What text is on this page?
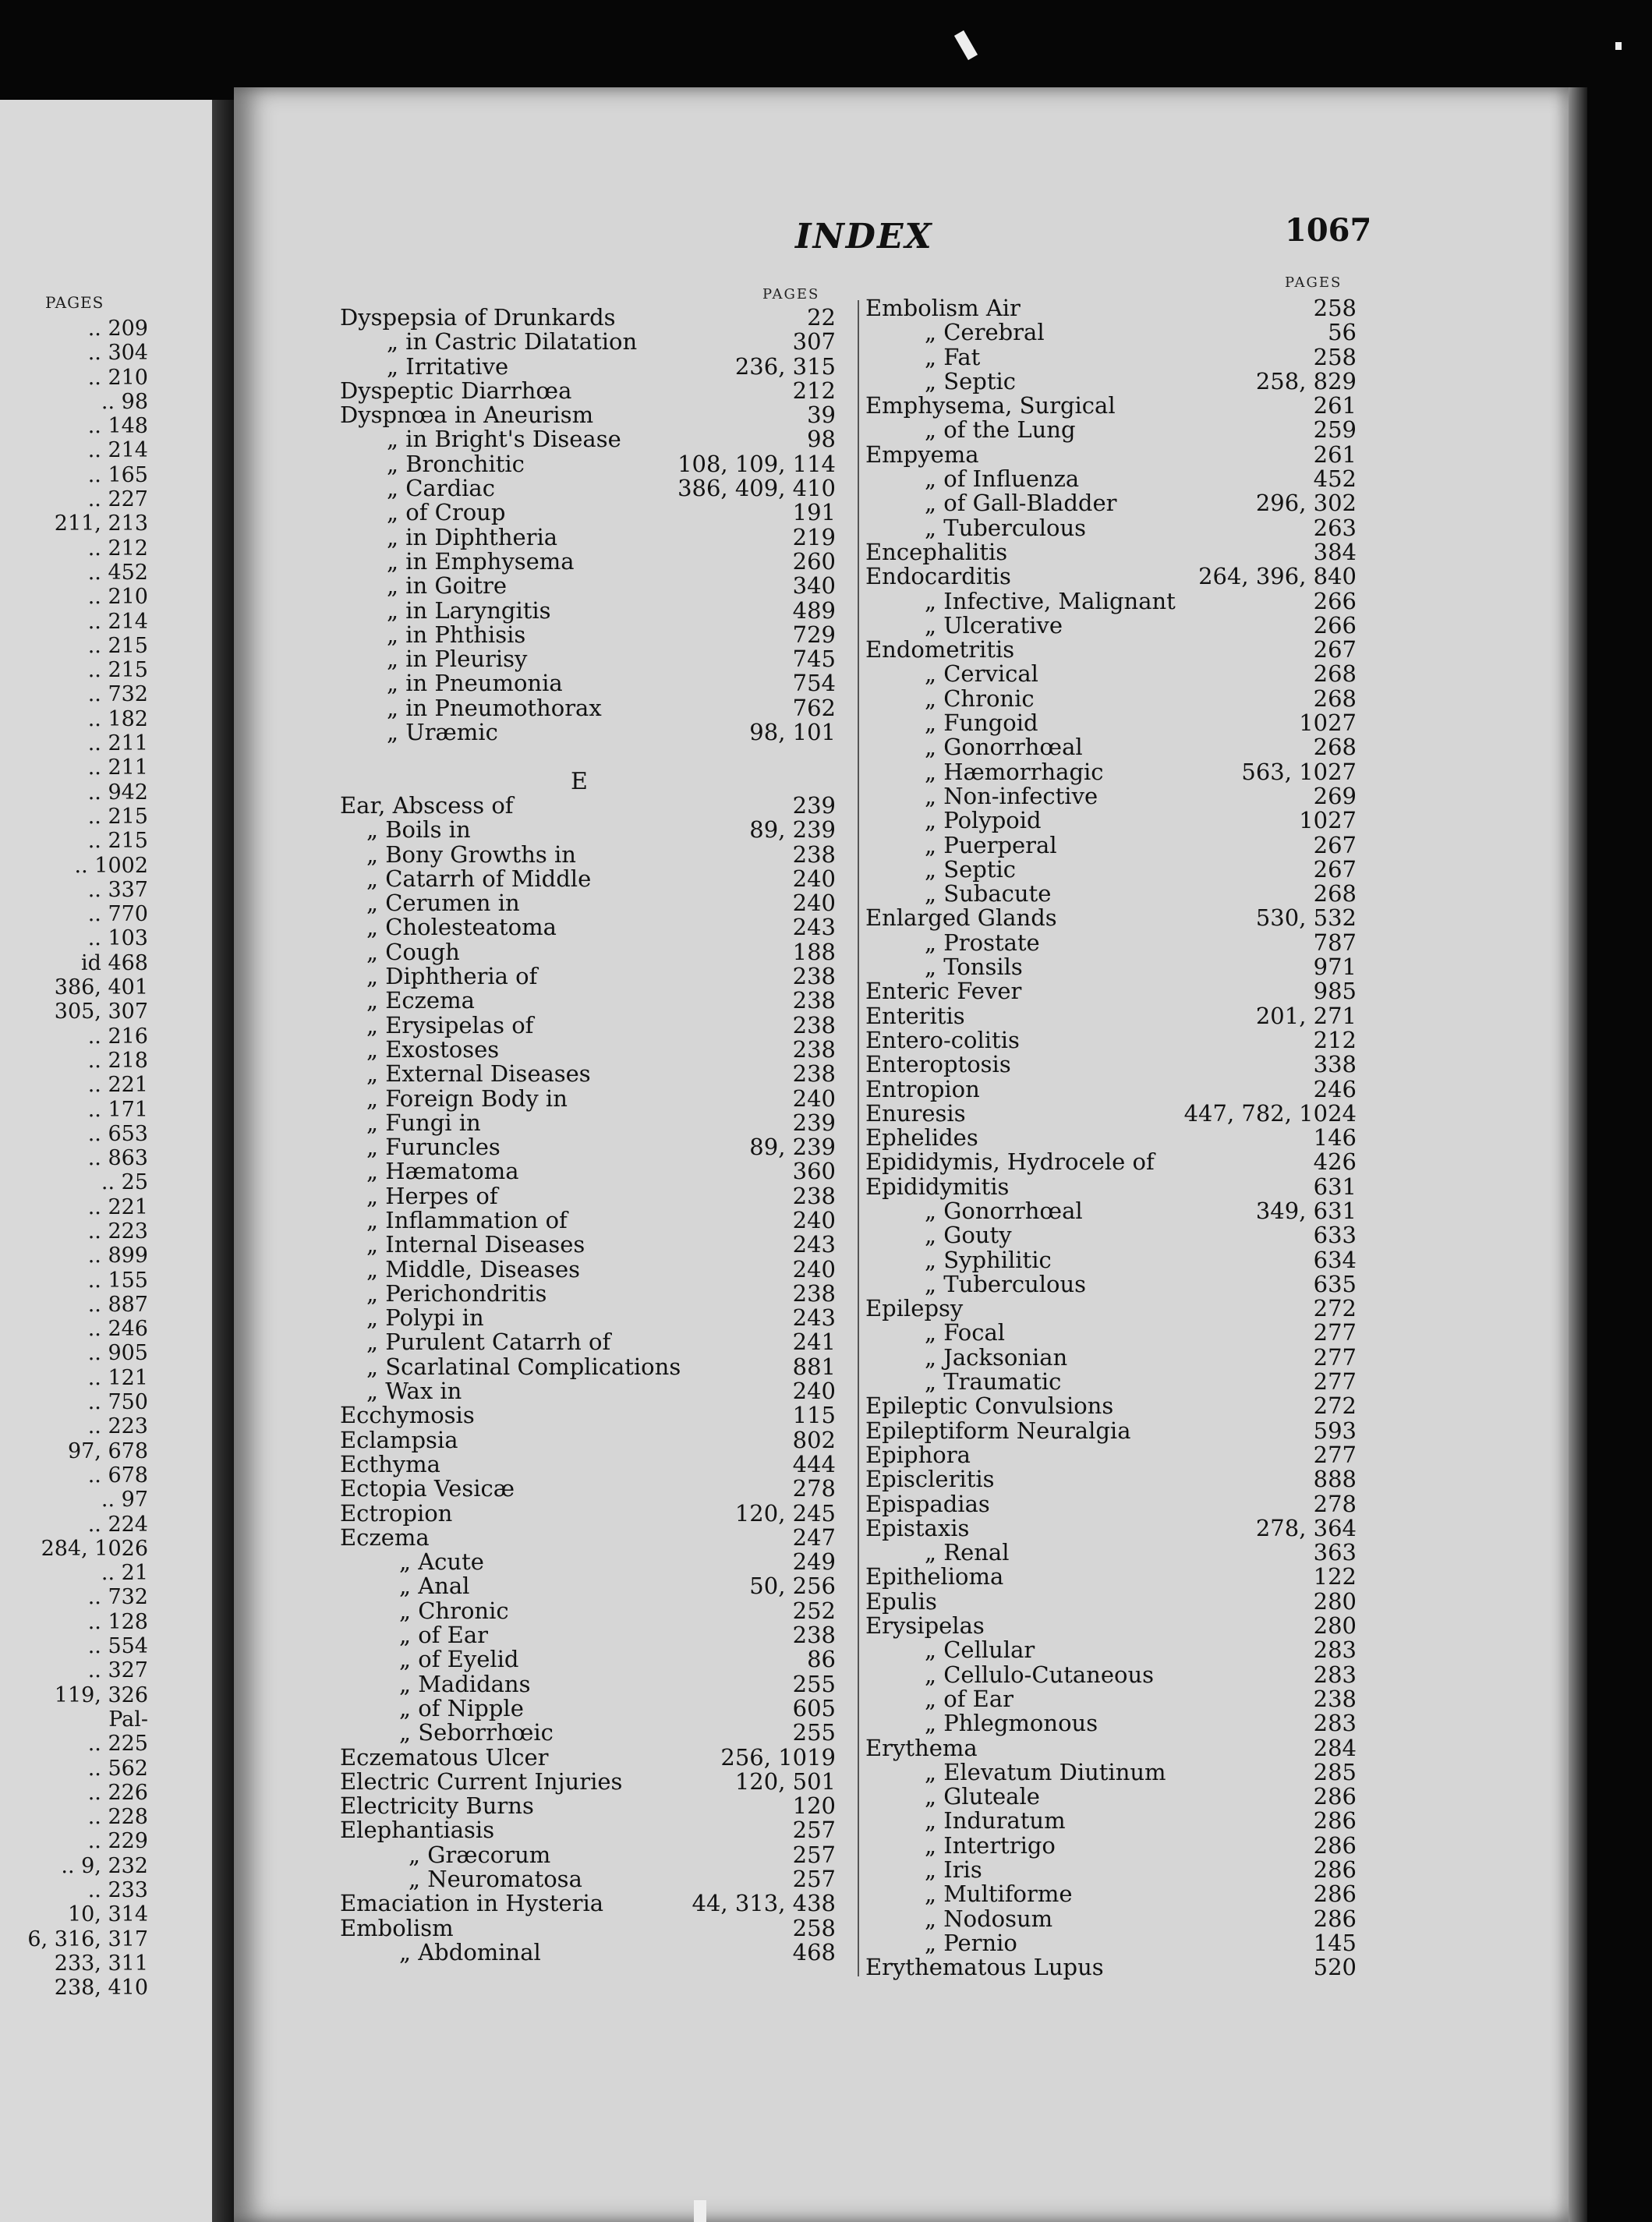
PAGES
.. 209
.. 304
.. 210
.. 98
.. 148
.. 214
.. 165
.. 227
211, 213
.. 212
.. 452
.. 210
.. 214
.. 215
.. 215
.. 732
.. 182
.. 211
.. 211
.. 942
.. 215
.. 215
.. 1002
.. 337
.. 770
.. 103
id 468
386, 401
305, 307
.. 216
.. 218
.. 221
.. 171
.. 653
.. 863
.. 25
.. 221
.. 223
.. 899
.. 155
.. 887
.. 246
.. 905
.. 121
.. 750
.. 223
97, 678
.. 678
.. 97
.. 224
284, 1026
.. 21
.. 732
.. 128
.. 554
.. 327
119, 326
Pal-
.. 225
.. 562
.. 226
.. 228
.. 229
.. 9, 232
.. 233
10, 314
6, 316, 317
233, 311
238, 410
INDEX	1067
PAGES
PAGES
Dyspepsia of Drunkards	22
„ in Castric Dilatation	307
„ Irritative	236, 315
Dyspeptic Diarrhœa	212
Dyspnœa in Aneurism	39
„ in Bright's Disease	98
„ Bronchitic	108, 109, 114
„ Cardiac	386, 409, 410
„ of Croup	191
„ in Diphtheria	219
„ in Emphysema	260
„ in Goitre	340
„ in Laryngitis	489
„ in Phthisis	729
„ in Pleurisy	745
„ in Pneumonia	754
„ in Pneumothorax	762
„ Uræmic	98, 101
E
Ear, Abscess of	239
„ Boils in	89, 239
„ Bony Growths in	238
„ Catarrh of Middle	240
„ Cerumen in	240
„ Cholesteatoma	243
„ Cough	188
„ Diphtheria of	238
„ Eczema	238
„ Erysipelas of	238
„ Exostoses	238
„ External Diseases	238
„ Foreign Body in	240
„ Fungi in	239
„ Furuncles	89, 239
„ Hæmatoma	360
„ Herpes of	238
„ Inflammation of	240
„ Internal Diseases	243
„ Middle, Diseases	240
„ Perichondritis	238
„ Polypi in	243
„ Purulent Catarrh of	241
„ Scarlatinal Complications	881
„ Wax in	240
Ecchymosis	115
Eclampsia	802
Ecthyma	444
Ectopia Vesicæ	278
Ectropion	120, 245
Eczema	247
„ Acute	249
„ Anal	50, 256
„ Chronic	252
„ of Ear	238
„ of Eyelid	86
„ Madidans	255
„ of Nipple	605
„ Seborrhœic	255
Eczematous Ulcer	256, 1019
Electric Current Injuries	120, 501
Electricity Burns	120
Elephantiasis	257
„ Græcorum	257
„ Neuromatosa	257
Emaciation in Hysteria	44, 313, 438
Embolism	258
„ Abdominal	468
Embolism Air	258
„ Cerebral	56
„ Fat	258
„ Septic	258, 829
Emphysema, Surgical	261
„ of the Lung	259
Empyema	261
„ of Influenza	452
„ of Gall-Bladder	296, 302
„ Tuberculous	263
Encephalitis	384
Endocarditis	264, 396, 840
„ Infective, Malignant	266
„ Ulcerative	266
Endometritis	267
„ Cervical	268
„ Chronic	268
„ Fungoid	1027
„ Gonorrhœal	268
„ Hæmorrhagic	563, 1027
„ Non-infective	269
„ Polypoid	1027
„ Puerperal	267
„ Septic	267
„ Subacute	268
Enlarged Glands	530, 532
„ Prostate	787
„ Tonsils	971
Enteric Fever	985
Enteritis	201, 271
Entero-colitis	212
Enteroptosis	338
Entropion	246
Enuresis	447, 782, 1024
Ephelides	146
Epididymis, Hydrocele of	426
Epididymitis	631
„ Gonorrhœal	349, 631
„ Gouty	633
„ Syphilitic	634
„ Tuberculous	635
Epilepsy	272
„ Focal	277
„ Jacksonian	277
„ Traumatic	277
Epileptic Convulsions	272
Epileptiform Neuralgia	593
Epiphora	277
Episcleritis	888
Epispadias	278
Epistaxis	278, 364
„ Renal	363
Epithelioma	122
Epulis	280
Erysipelas	280
„ Cellular	283
„ Cellulo-Cutaneous	283
„ of Ear	238
„ Phlegmonous	283
Erythema	284
„ Elevatum Diutinum	285
„ Gluteale	286
„ Induratum	286
„ Intertrigo	286
„ Iris	286
„ Multiforme	286
„ Nodosum	286
„ Pernio	145
Erythematous Lupus	520
